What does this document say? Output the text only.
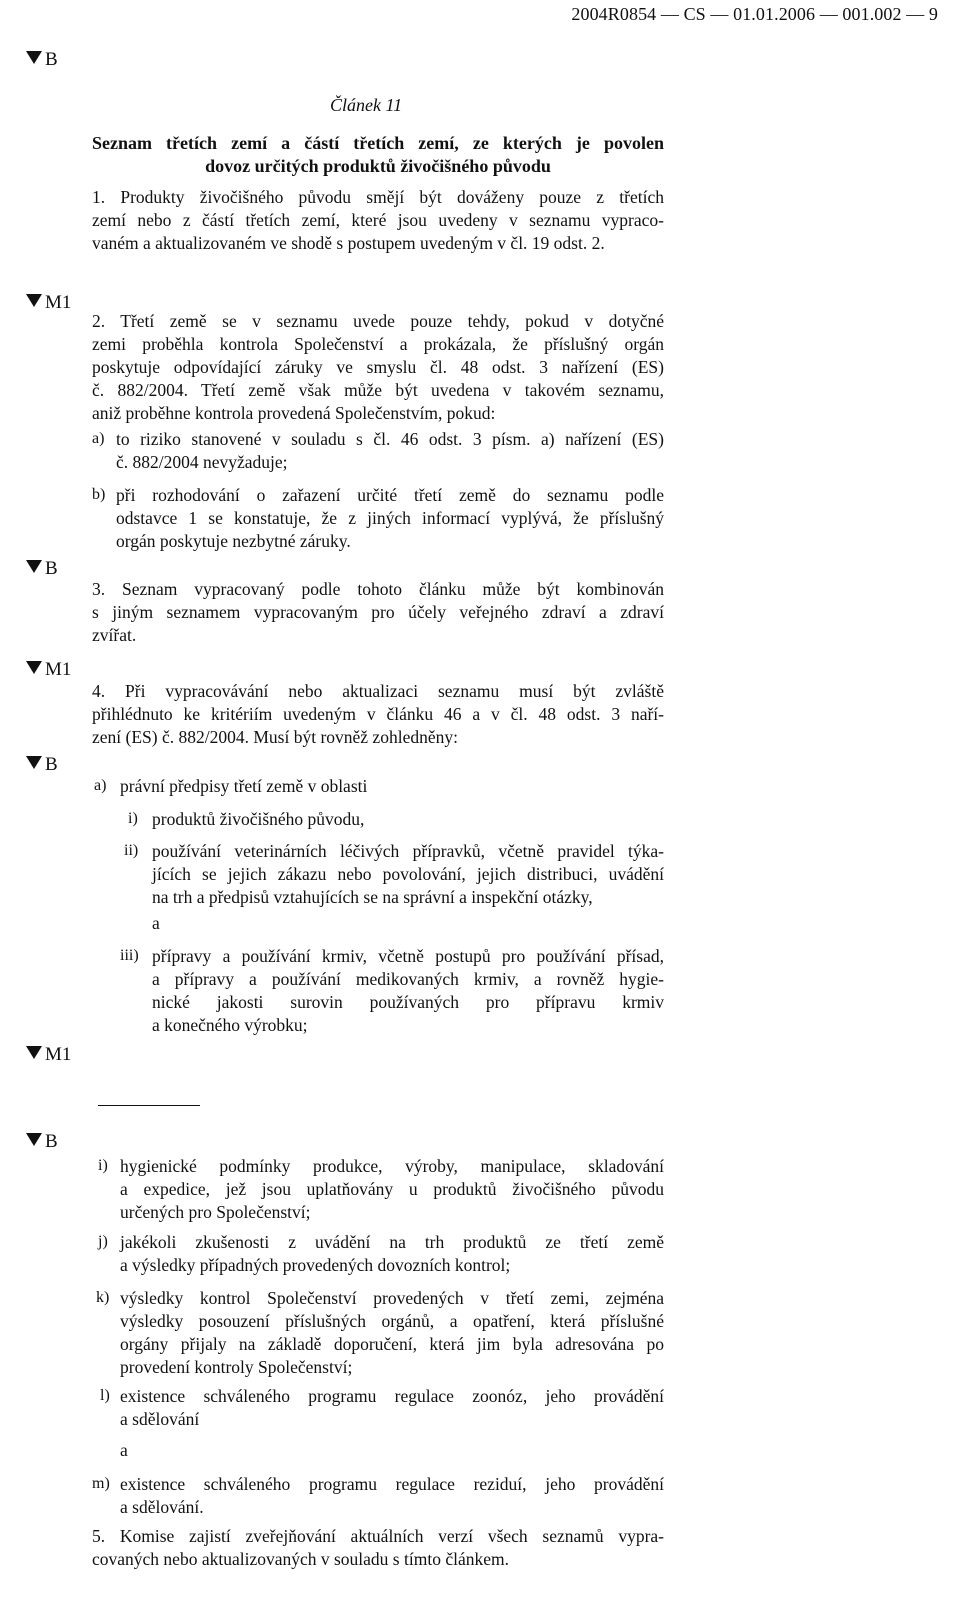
2004R0854 — CS — 01.01.2006 — 001.002 — 9
B
M1
B
M1
B
M1
B
Článek 11
Seznam třetích zemí a částí třetích zemí, ze kterých je povolen
dovoz určitých produktů živočišného původu
1. Produkty živočišného původu smějí být dováženy pouze z třetích
zemí nebo z částí třetích zemí, které jsou uvedeny v seznamu vypraco-
vaném a aktualizovaném ve shodě s postupem uvedeným v čl. 19 odst. 2.
2. Třetí země se v seznamu uvede pouze tehdy, pokud v dotyčné
zemi proběhla kontrola Společenství a prokázala, že příslušný orgán
poskytuje odpovídající záruky ve smyslu čl. 48 odst. 3 nařízení (ES)
č. 882/2004. Třetí země však může být uvedena v takovém seznamu,
aniž proběhne kontrola provedená Společenstvím, pokud:
a) to riziko stanovené v souladu s čl. 46 odst. 3 písm. a) nařízení (ES)
č. 882/2004 nevyžaduje;
b) při rozhodování o zařazení určité třetí země do seznamu podle
odstavce 1 se konstatuje, že z jiných informací vyplývá, že příslušný
orgán poskytuje nezbytné záruky.
3. Seznam vypracovaný podle tohoto článku může být kombinován
s jiným seznamem vypracovaným pro účely veřejného zdraví a zdraví
zvířat.
4. Při vypracovávání nebo aktualizaci seznamu musí být zvláště
přihlédnuto ke kritériím uvedeným v článku 46 a v čl. 48 odst. 3 naří-
zení (ES) č. 882/2004. Musí být rovněž zohledněny:
a) právní předpisy třetí země v oblasti
i) produktů živočišného původu,
ii) používání veterinárních léčivých přípravků, včetně pravidel týka-
jících se jejich zákazu nebo povolování, jejich distribuci, uvádění
na trh a předpisů vztahujících se na správní a inspekční otázky,
a
iii) přípravy a používání krmiv, včetně postupů pro používání přísad,
a přípravy a používání medikovaných krmiv, a rovněž hygie-
nické jakosti surovin používaných pro přípravu krmiv
a konečného výrobku;
i) hygienické podmínky produkce, výroby, manipulace, skladování
a expedice, jež jsou uplatňovány u produktů živočišného původu
určených pro Společenství;
j) jakékoli zkušenosti z uvádění na trh produktů ze třetí země
a výsledky případných provedených dovozních kontrol;
k) výsledky kontrol Společenství provedených v třetí zemi, zejména
výsledky posouzení příslušných orgánů, a opatření, která příslušné
orgány přijaly na základě doporučení, která jim byla adresována po
provedení kontroly Společenství;
l) existence schváleného programu regulace zoonóz, jeho provádění
a sdělování
a
m) existence schváleného programu regulace reziduí, jeho provádění
a sdělování.
5. Komise zajistí zveřejňování aktuálních verzí všech seznamů vypra-
covaných nebo aktualizovaných v souladu s tímto článkem.
